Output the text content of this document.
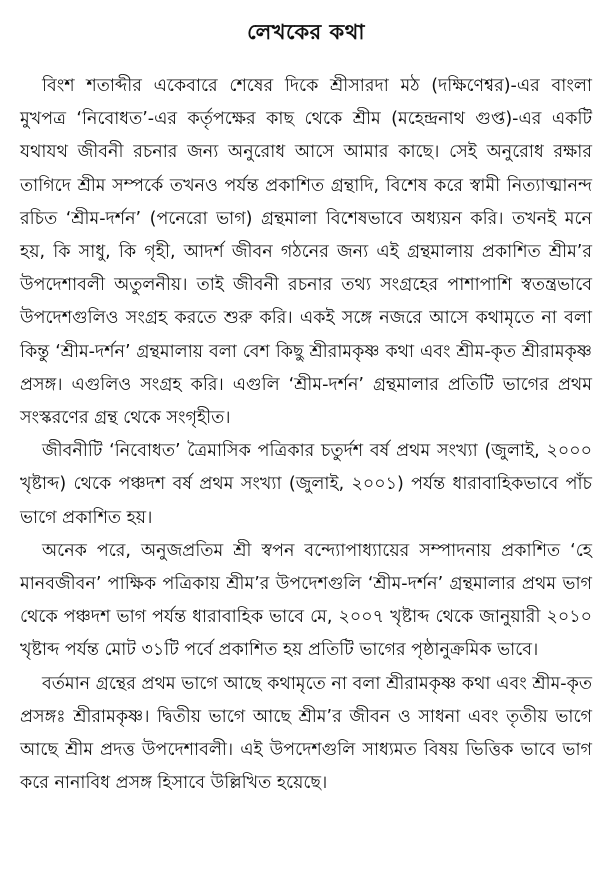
লেখকের কথা

বিংশ শতাব্দীর একেবারে শেষের দিকে শ্রীসারদা মঠ (দক্ষিণেশ্বর)-এর বাংলা মুখপত্র ‘নিবোধত’-এর কর্তৃপক্ষের কাছ থেকে শ্রীম (মহেন্দ্রনাথ গুপ্ত)-এর একটি যথাযথ জীবনী রচনার জন্য অনুরোধ আসে আমার কাছে। সেই অনুরোধ রক্ষার তাগিদে শ্রীম সম্পর্কে তখনও পর্যন্ত প্রকাশিত গ্রন্থাদি, বিশেষ করে স্বামী নিত্যাত্মানন্দ রচিত ‘শ্রীম-দর্শন’ (পনেরো ভাগ) গ্রন্থমালা বিশেষভাবে অধ্যয়ন করি। তখনই মনে হয়, কি সাধু, কি গৃহী, আদর্শ জীবন গঠনের জন্য এই গ্রন্থমালায় প্রকাশিত শ্রীম’র উপদেশাবলী অতুলনীয়। তাই জীবনী রচনার তথ্য সংগ্রহের পাশাপাশি স্বতন্ত্রভাবে উপদেশগুলিও সংগ্রহ করতে শুরু করি। একই সঙ্গে নজরে আসে কথামৃতে না বলা কিন্তু ‘শ্রীম-দর্শন’ গ্রন্থমালায় বলা বেশ কিছু শ্রীরামকৃষ্ণ কথা এবং শ্রীম-কৃত শ্রীরামকৃষ্ণ প্রসঙ্গ। এগুলিও সংগ্রহ করি। এগুলি ‘শ্রীম-দর্শন’ গ্রন্থমালার প্রতিটি ভাগের প্রথম সংস্করণের গ্রন্থ থেকে সংগৃহীত।

জীবনীটি ‘নিবোধত’ ত্রৈমাসিক পত্রিকার চতুর্দশ বর্ষ প্রথম সংখ্যা (জুলাই, ২০০০ খৃষ্টাব্দ) থেকে পঞ্চদশ বর্ষ প্রথম সংখ্যা (জুলাই, ২০০১) পর্যন্ত ধারাবাহিকভাবে পাঁচ ভাগে প্রকাশিত হয়।

অনেক পরে, অনুজপ্রতিম শ্রী স্বপন বন্দ্যোপাধ্যায়ের সম্পাদনায় প্রকাশিত ‘হে মানবজীবন’ পাক্ষিক পত্রিকায় শ্রীম’র উপদেশগুলি ‘শ্রীম-দর্শন’ গ্রন্থমালার প্রথম ভাগ থেকে পঞ্চদশ ভাগ পর্যন্ত ধারাবাহিক ভাবে মে, ২০০৭ খৃষ্টাব্দ থেকে জানুয়ারী ২০১০ খৃষ্টাব্দ পর্যন্ত মোট ৩১টি পর্বে প্রকাশিত হয় প্রতিটি ভাগের পৃষ্ঠানুক্রমিক ভাবে।

বর্তমান গ্রন্থের প্রথম ভাগে আছে কথামৃতে না বলা শ্রীরামকৃষ্ণ কথা এবং শ্রীম-কৃত প্রসঙ্গঃ শ্রীরামকৃষ্ণ। দ্বিতীয় ভাগে আছে শ্রীম’র জীবন ও সাধনা এবং তৃতীয় ভাগে আছে শ্রীম প্রদত্ত উপদেশাবলী। এই উপদেশগুলি সাধ্যমত বিষয় ভিত্তিক ভাবে ভাগ করে নানাবিধ প্রসঙ্গ হিসাবে উল্লিখিত হয়েছে।
